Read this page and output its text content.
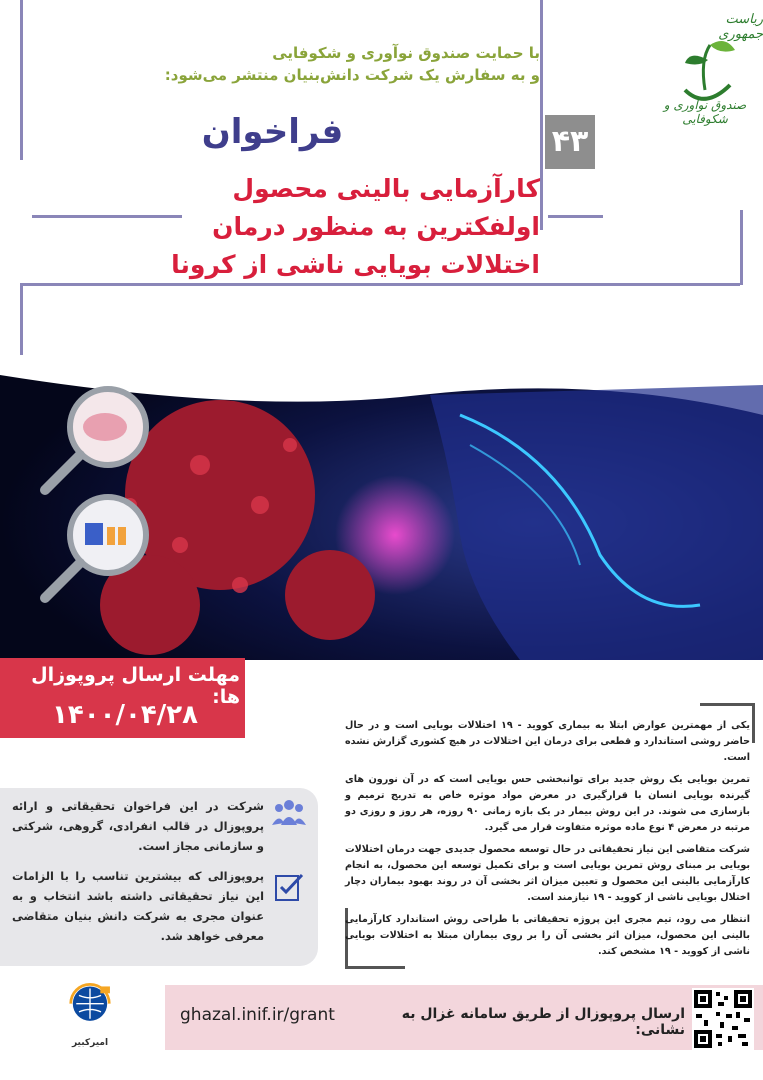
با حمایت صندوق نوآوری و شکوفایی
و به سفارش یک شرکت دانش‌بنیان منتشر می‌شود:
فراخوان
کارآزمایی بالینی محصول
اولفکترین به منظور درمان
اختلالات بویایی ناشی از کرونا
۴۳
ریاست جمهوری
صندوق نوآوری و شکوفایی
مهلت ارسال پروپوزال ها:
۱۴۰۰/۰۴/۲۸	یکی از مهمترین عوارض ابتلا به بیماری کووید - ۱۹ اختلالات بویایی است و در حال حاضر روشی استاندارد و قطعی برای درمان این اختلالات در هیچ کشوری گزارش نشده است.
تمرین بویایی یک روش جدید برای توانبخشی حس بویایی است که در آن نورون های گیرنده بویایی انسان با قرارگیری در معرض مواد موثره خاص به تدریج ترمیم و بازسازی می شوند. در این روش بیمار در یک بازه زمانی ۹۰ روزه، هر روز و روزی دو مرتبه در معرض ۴ نوع ماده موثره متفاوت قرار می گیرد.
شرکت متقاضی این نیاز تحقیقاتی در حال توسعه محصول جدیدی جهت درمان اختلالات بویایی بر مبنای روش تمرین بویایی است و برای تکمیل توسعه این محصول، به انجام کارآزمایی بالینی این محصول و تعیین میزان اثر بخشی آن در روند بهبود بیماران دچار اختلال بویایی ناشی از کووید - ۱۹ نیازمند است.
انتظار می رود، تیم مجری این پروژه تحقیقاتی با طراحی روش استاندارد کارآزمایی بالینی این محصول، میزان اثر بخشی آن را بر روی بیماران مبتلا به اختلالات بویایی ناشی از کووید - ۱۹ مشخص کند.
شرکت در این فراخوان تحقیقاتی و ارائه پروپوزال در قالب انفرادی، گروهی، شرکتی و سازمانی مجاز است.
پروپوزالی که بیشترین تناسب را با الزامات این نیاز تحقیقاتی داشته باشد انتخاب و به عنوان مجری به شرکت دانش بنیان متقاضی معرفی خواهد شد.
ghazal.inif.ir/grant	ارسال پروپوزال از طریق سامانه غزال به نشانی:
امیرکبیر
